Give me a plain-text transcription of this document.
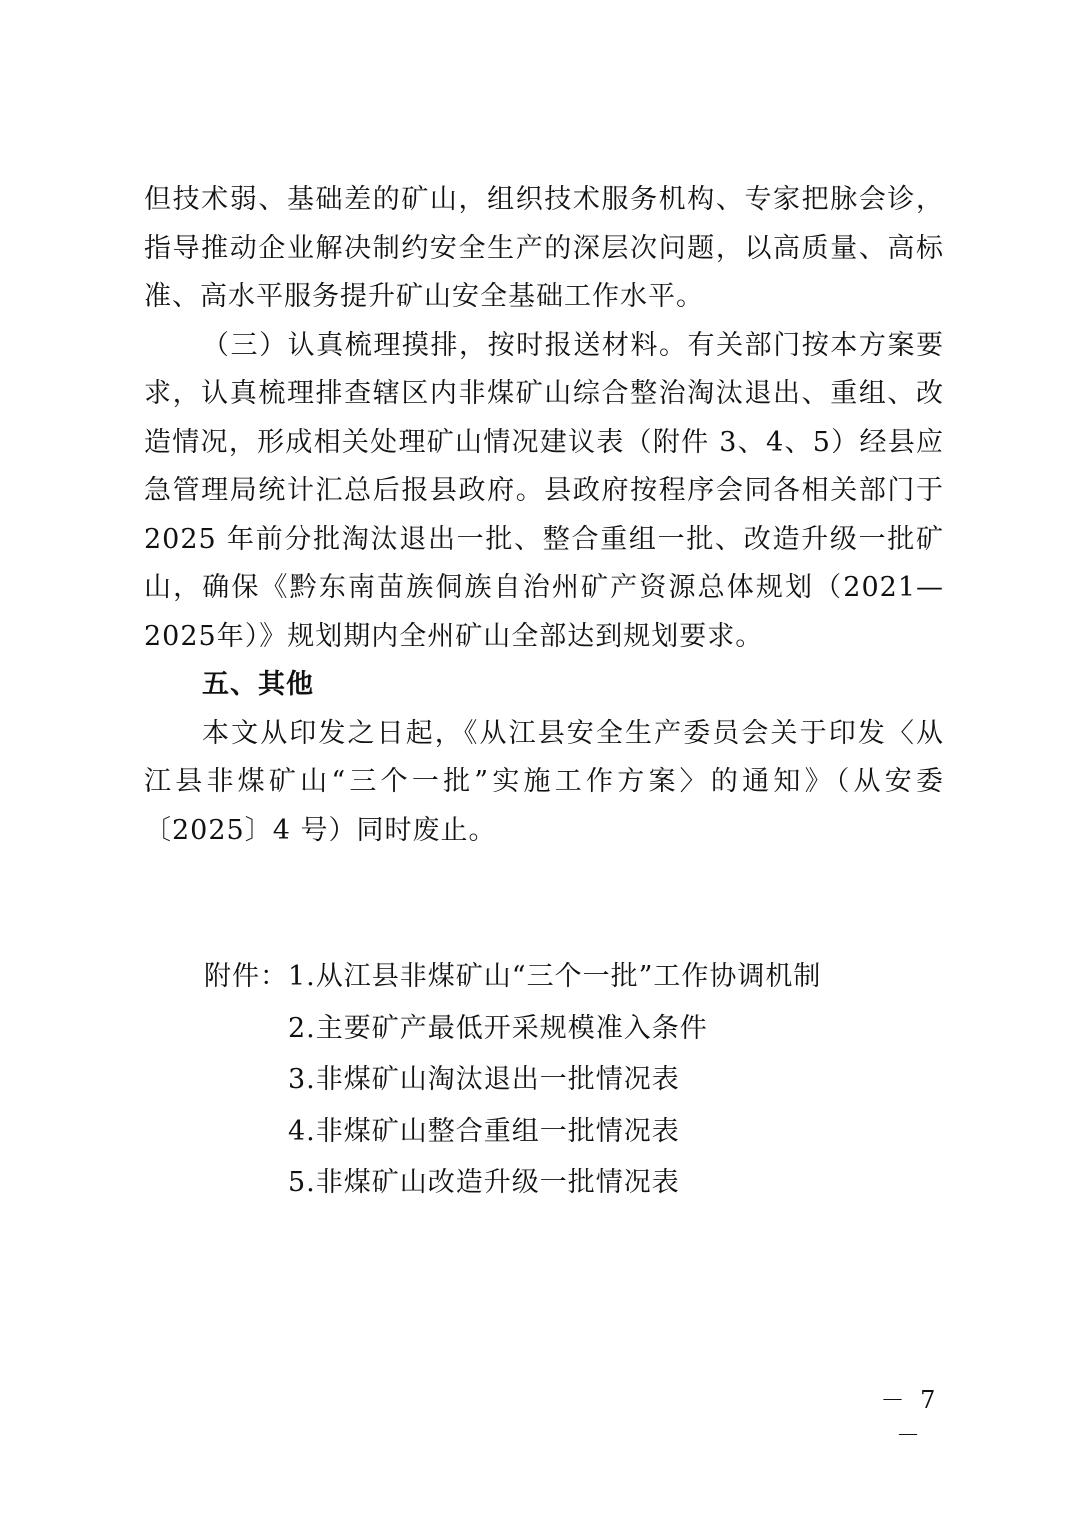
但技术弱、基础差的矿山，组织技术服务机构、专家把脉会诊，指导推动企业解决制约安全生产的深层次问题，以高质量、高标准、高水平服务提升矿山安全基础工作水平。

（三）认真梳理摸排，按时报送材料。有关部门按本方案要求，认真梳理排查辖区内非煤矿山综合整治淘汰退出、重组、改造情况，形成相关处理矿山情况建议表（附件 3、4、5）经县应急管理局统计汇总后报县政府。县政府按程序会同各相关部门于 2025 年前分批淘汰退出一批、整合重组一批、改造升级一批矿山，确保《黔东南苗族侗族自治州矿产资源总体规划（2021—2025年）》规划期内全州矿山全部达到规划要求。

五、其他

本文从印发之日起，《从江县安全生产委员会关于印发〈从江县非煤矿山“三个一批”实施工作方案〉的通知》（从安委〔2025〕4 号）同时废止。

附件：1.从江县非煤矿山“三个一批”工作协调机制
2.主要矿产最低开采规模准入条件
3.非煤矿山淘汰退出一批情况表
4.非煤矿山整合重组一批情况表
5.非煤矿山改造升级一批情况表
－ 7 －
